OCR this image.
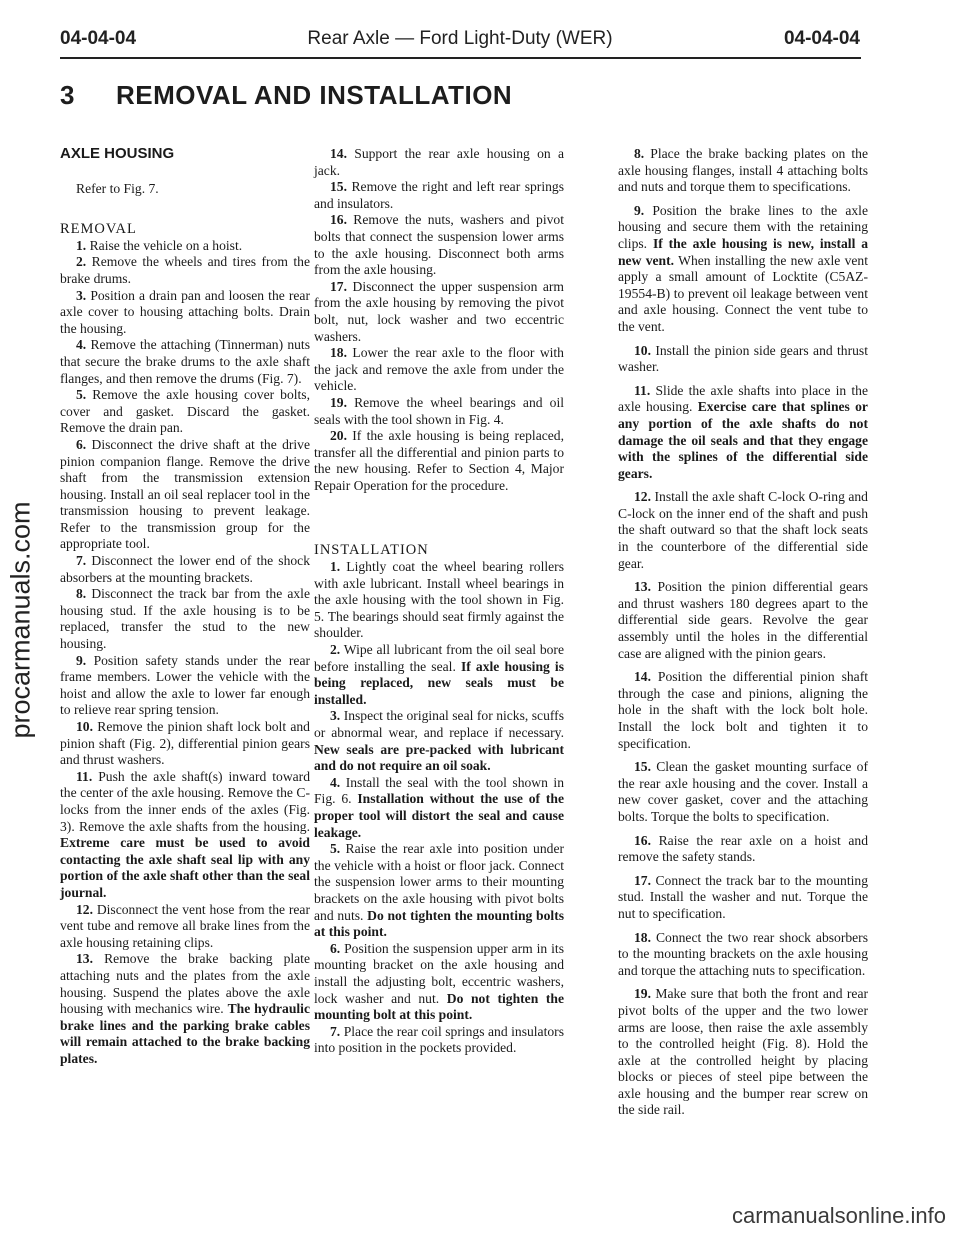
04-04-04	Rear Axle — Ford Light-Duty (WER)	04-04-04
3 REMOVAL AND INSTALLATION
procarmanuals.com
AXLE HOUSING

Refer to Fig. 7.

REMOVAL

1. Raise the vehicle on a hoist.

2. Remove the wheels and tires from the brake drums.

3. Position a drain pan and loosen the rear axle cover to housing attaching bolts. Drain the housing.

4. Remove the attaching (Tinnerman) nuts that secure the brake drums to the axle shaft flanges, and then remove the drums (Fig. 7).

5. Remove the axle housing cover bolts, cover and gasket. Discard the gasket. Remove the drain pan.

6. Disconnect the drive shaft at the drive pinion companion flange. Remove the drive shaft from the transmission extension housing. Install an oil seal replacer tool in the transmission housing to prevent leakage. Refer to the transmission group for the appropriate tool.

7. Disconnect the lower end of the shock absorbers at the mounting brackets.

8. Disconnect the track bar from the axle housing stud. If the axle housing is to be replaced, transfer the stud to the new housing.

9. Position safety stands under the rear frame members. Lower the vehicle with the hoist and allow the axle to lower far enough to relieve rear spring tension.

10. Remove the pinion shaft lock bolt and pinion shaft (Fig. 2), differential pinion gears and thrust washers.

11. Push the axle shaft(s) inward toward the center of the axle housing. Remove the C-locks from the inner ends of the axles (Fig. 3). Remove the axle shafts from the housing. Extreme care must be used to avoid contacting the axle shaft seal lip with any portion of the axle shaft other than the seal journal.

12. Disconnect the vent hose from the rear vent tube and remove all brake lines from the axle housing retaining clips.

13. Remove the brake backing plate attaching nuts and the plates from the axle housing. Suspend the plates above the axle housing with mechanics wire. The hydraulic brake lines and the parking brake cables will remain attached to the brake backing plates.

14. Support the rear axle housing on a jack.

15. Remove the right and left rear springs and insulators.

16. Remove the nuts, washers and pivot bolts that connect the suspension lower arms to the axle housing. Disconnect both arms from the axle housing.

17. Disconnect the upper suspension arm from the axle housing by removing the pivot bolt, nut, lock washer and two eccentric washers.

18. Lower the rear axle to the floor with the jack and remove the axle from under the vehicle.

19. Remove the wheel bearings and oil seals with the tool shown in Fig. 4.

20. If the axle housing is being replaced, transfer all the differential and pinion parts to the new housing. Refer to Section 4, Major Repair Operation for the procedure.

INSTALLATION

1. Lightly coat the wheel bearing rollers with axle lubricant. Install wheel bearings in the axle housing with the tool shown in Fig. 5. The bearings should seat firmly against the shoulder.

2. Wipe all lubricant from the oil seal bore before installing the seal. If axle housing is being replaced, new seals must be installed.

3. Inspect the original seal for nicks, scuffs or abnormal wear, and replace if necessary. New seals are pre-packed with lubricant and do not require an oil soak.

4. Install the seal with the tool shown in Fig. 6. Installation without the use of the proper tool will distort the seal and cause leakage.

5. Raise the rear axle into position under the vehicle with a hoist or floor jack. Connect the suspension lower arms to their mounting brackets on the axle housing with pivot bolts and nuts. Do not tighten the mounting bolts at this point.

6. Position the suspension upper arm in its mounting bracket on the axle housing and install the adjusting bolt, eccentric washers, lock washer and nut. Do not tighten the mounting bolt at this point.

7. Place the rear coil springs and insulators into position in the pockets provided.

8. Place the brake backing plates on the axle housing flanges, install 4 attaching bolts and nuts and torque them to specifications.

9. Position the brake lines to the axle housing and secure them with the retaining clips. If the axle housing is new, install a new vent. When installing the new axle vent apply a small amount of Locktite (C5AZ-19554-B) to prevent oil leakage between vent and axle housing. Connect the vent tube to the vent.

10. Install the pinion side gears and thrust washer.

11. Slide the axle shafts into place in the axle housing. Exercise care that splines or any portion of the axle shafts do not damage the oil seals and that they engage with the splines of the differential side gears.

12. Install the axle shaft C-lock O-ring and C-lock on the inner end of the shaft and push the shaft outward so that the shaft lock seats in the counterbore of the differential side gear.

13. Position the pinion differential gears and thrust washers 180 degrees apart to the differential side gears. Revolve the gear assembly until the holes in the differential case are aligned with the pinion gears.

14. Position the differential pinion shaft through the case and pinions, aligning the hole in the shaft with the lock bolt hole. Install the lock bolt and tighten it to specification.

15. Clean the gasket mounting surface of the rear axle housing and the cover. Install a new cover gasket, cover and the attaching bolts. Torque the bolts to specification.

16. Raise the rear axle on a hoist and remove the safety stands.

17. Connect the track bar to the mounting stud. Install the washer and nut. Torque the nut to specification.

18. Connect the two rear shock absorbers to the mounting brackets on the axle housing and torque the attaching nuts to specification.

19. Make sure that both the front and rear pivot bolts of the upper and the two lower arms are loose, then raise the axle assembly to the controlled height (Fig. 8). Hold the axle at the controlled height by placing blocks or pieces of steel pipe between the axle housing and the bumper rear screw on the side rail.

carmanualsonline.info
